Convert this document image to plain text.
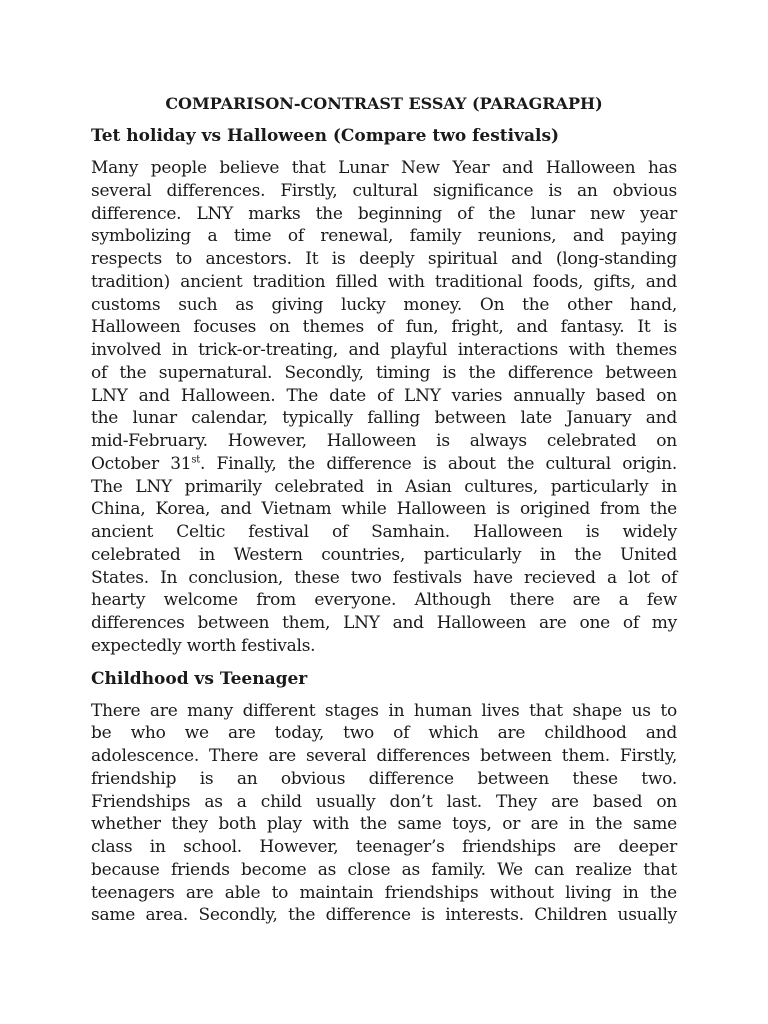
COMPARISON-CONTRAST ESSAY (PARAGRAPH)
Tet holiday vs Halloween (Compare two festivals)
Many people believe that Lunar New Year and Halloween has
several differences. Firstly, cultural significance is an obvious
difference. LNY marks the beginning of the lunar new year
symbolizing a time of renewal, family reunions, and paying
respects to ancestors. It is deeply spiritual and (long-standing
tradition) ancient tradition filled with traditional foods, gifts, and
customs such as giving lucky money. On the other hand,
Halloween focuses on themes of fun, fright, and fantasy. It is
involved in trick-or-treating, and playful interactions with themes
of the supernatural. Secondly, timing is the difference between
LNY and Halloween. The date of LNY varies annually based on
the lunar calendar, typically falling between late January and
mid-February. However, Halloween is always celebrated on
October 31st. Finally, the difference is about the cultural origin.
The LNY primarily celebrated in Asian cultures, particularly in
China, Korea, and Vietnam while Halloween is origined from the
ancient Celtic festival of Samhain. Halloween is widely
celebrated in Western countries, particularly in the United
States. In conclusion, these two festivals have recieved a lot of
hearty welcome from everyone. Although there are a few
differences between them, LNY and Halloween are one of my
expectedly worth festivals.
Childhood vs Teenager
There are many different stages in human lives that shape us to
be who we are today, two of which are childhood and
adolescence. There are several differences between them. Firstly,
friendship is an obvious difference between these two.
Friendships as a child usually don’t last. They are based on
whether they both play with the same toys, or are in the same
class in school. However, teenager’s friendships are deeper
because friends become as close as family. We can realize that
teenagers are able to maintain friendships without living in the
same area. Secondly, the difference is interests. Children usually
